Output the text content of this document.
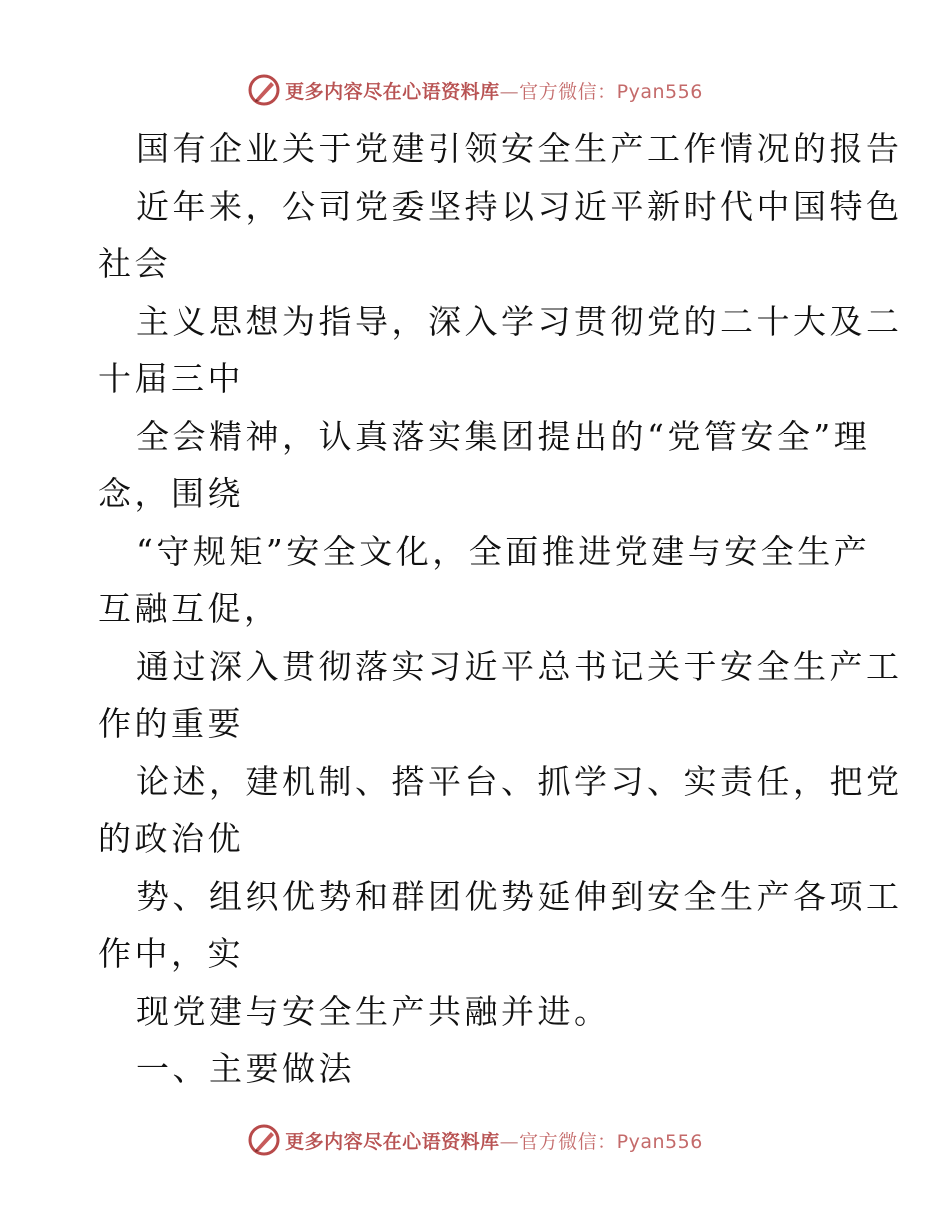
更多内容尽在心语资料库—官方微信：Pyan556
国有企业关于党建引领安全生产工作情况的报告
近年来，公司党委坚持以习近平新时代中国特色
社会
主义思想为指导，深入学习贯彻党的二十大及二
十届三中
全会精神，认真落实集团提出的“党管安全”理
念，围绕
“守规矩”安全文化，全面推进党建与安全生产
互融互促，
通过深入贯彻落实习近平总书记关于安全生产工
作的重要
论述，建机制、搭平台、抓学习、实责任，把党
的政治优
势、组织优势和群团优势延伸到安全生产各项工
作中，实
现党建与安全生产共融并进。
一、主要做法
更多内容尽在心语资料库—官方微信：Pyan556
